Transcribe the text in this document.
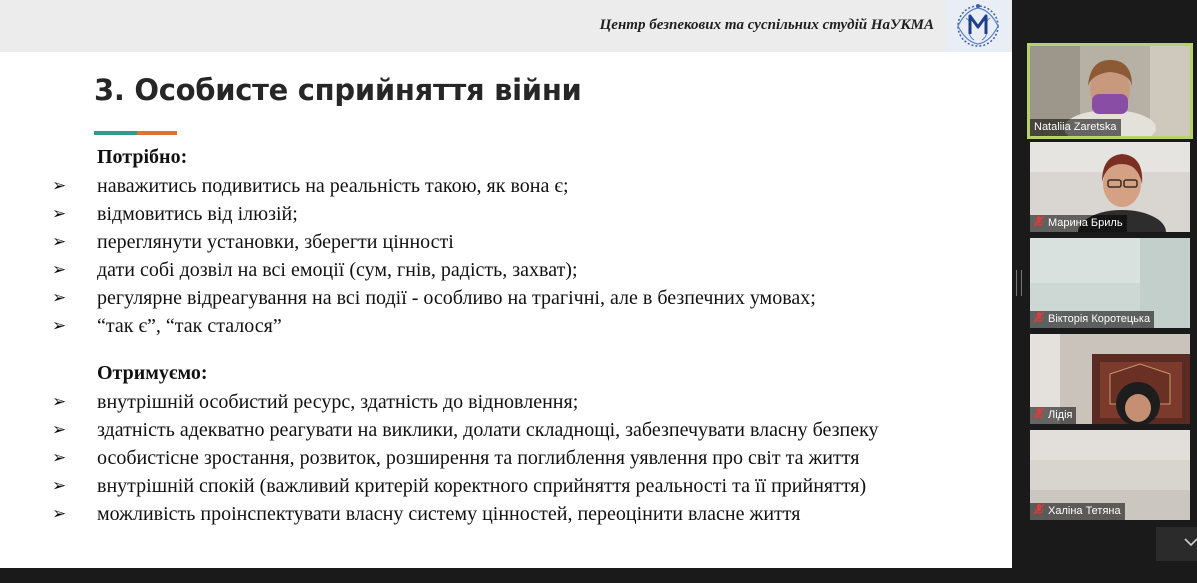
Центр безпекових та суспільних студій НаУКМА
3. Особисте сприйняття війни
Потрібно:
➢	наважитись подивитись на реальність такою, як вона є;
➢	відмовитись від ілюзій;
➢	переглянути установки, зберегти цінності
➢	дати собі дозвіл на всі емоції (сум, гнів, радість, захват);
➢	регулярне відреагування на всі події - особливо на трагічні, але в безпечних умовах;
➢	“так є”, “так сталося”
Отримуємо:
➢	внутрішній особистий ресурс, здатність до відновлення;
➢	здатність адекватно реагувати на виклики, долати складнощі, забезпечувати власну безпеку
➢	особистісне зростання, розвиток, розширення та поглиблення уявлення про світ та життя
➢	внутрішній спокій (важливий критерій коректного сприйняття реальності та її прийняття)
➢	можливість проінспектувати власну систему цінностей, переоцінити власне життя
Nataliia Zaretska
Марина Бриль
Вікторія Коротецька
Лідія
Халіна Тетяна
